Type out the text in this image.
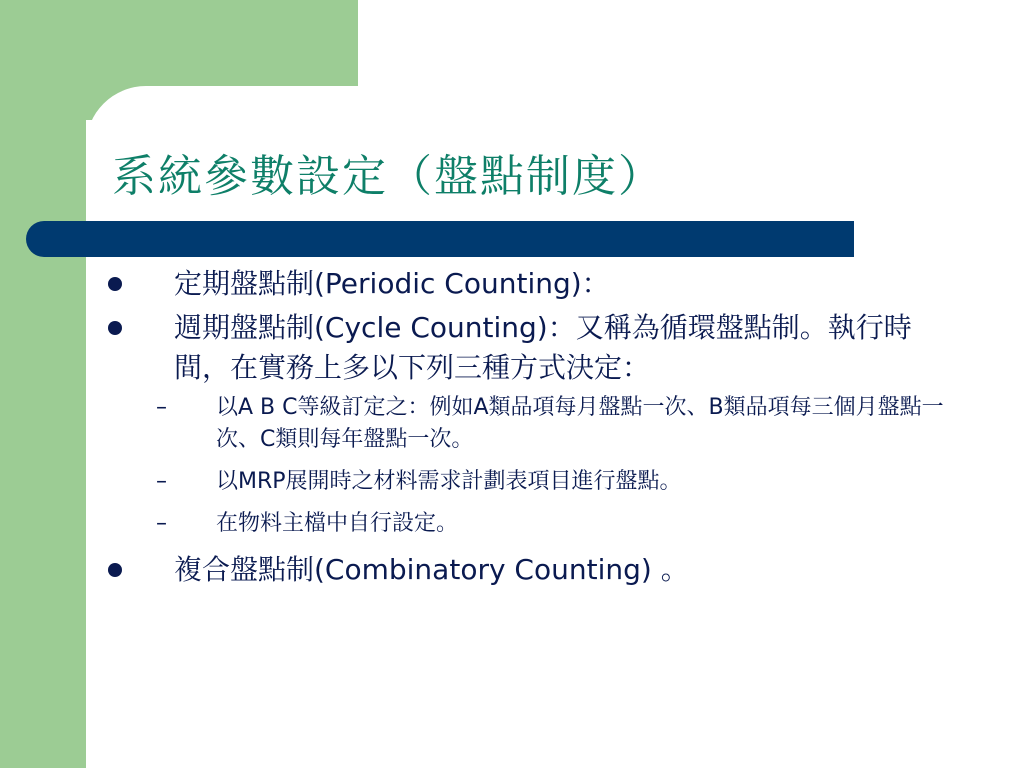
系統參數設定（盤點制度）
定期盤點制(Periodic Counting)：
週期盤點制(Cycle Counting)：又稱為循環盤點制。執行時間，在實務上多以下列三種方式決定：
– 以A B C等級訂定之：例如A類品項每月盤點一次、B類品項每三個月盤點一次、C類則每年盤點一次。
– 以MRP展開時之材料需求計劃表項目進行盤點。
– 在物料主檔中自行設定。
複合盤點制(Combinatory Counting) 。
